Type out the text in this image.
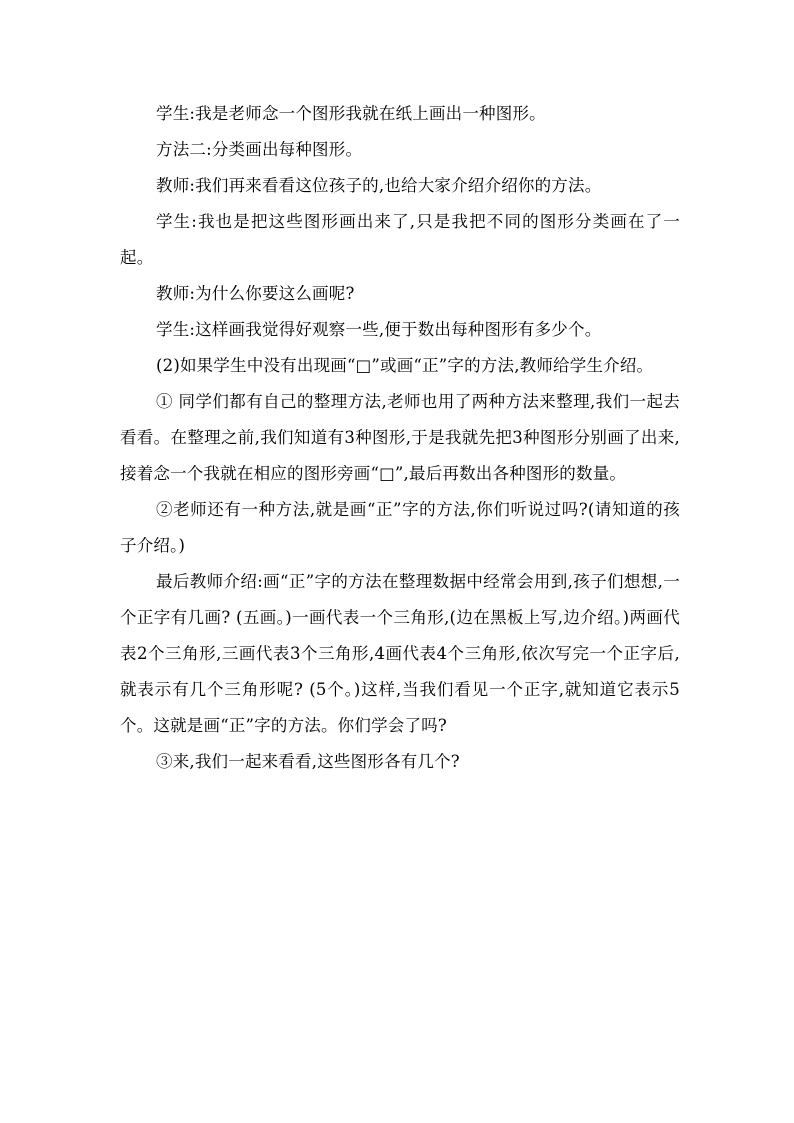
学生:我是老师念一个图形我就在纸上画出一种图形。

方法二:分类画出每种图形。

教师:我们再来看看这位孩子的,也给大家介绍介绍你的方法。

学生:我也是把这些图形画出来了,只是我把不同的图形分类画在了一起。

教师:为什么你要这么画呢?

学生:这样画我觉得好观察一些,便于数出每种图形有多少个。

(2)如果学生中没有出现画“□”或画“正”字的方法,教师给学生介绍。

① 同学们都有自己的整理方法,老师也用了两种方法来整理,我们一起去看看。在整理之前,我们知道有3种图形,于是我就先把3种图形分别画了出来,接着念一个我就在相应的图形旁画“□”,最后再数出各种图形的数量。

②老师还有一种方法,就是画“正”字的方法,你们听说过吗?(请知道的孩子介绍。)

最后教师介绍:画“正”字的方法在整理数据中经常会用到,孩子们想想,一个正字有几画? (五画。)一画代表一个三角形,(边在黑板上写,边介绍。)两画代表2个三角形,三画代表3个三角形,4画代表4个三角形,依次写完一个正字后,就表示有几个三角形呢? (5个。)这样,当我们看见一个正字,就知道它表示5个。这就是画“正”字的方法。你们学会了吗?

③来,我们一起来看看,这些图形各有几个?
